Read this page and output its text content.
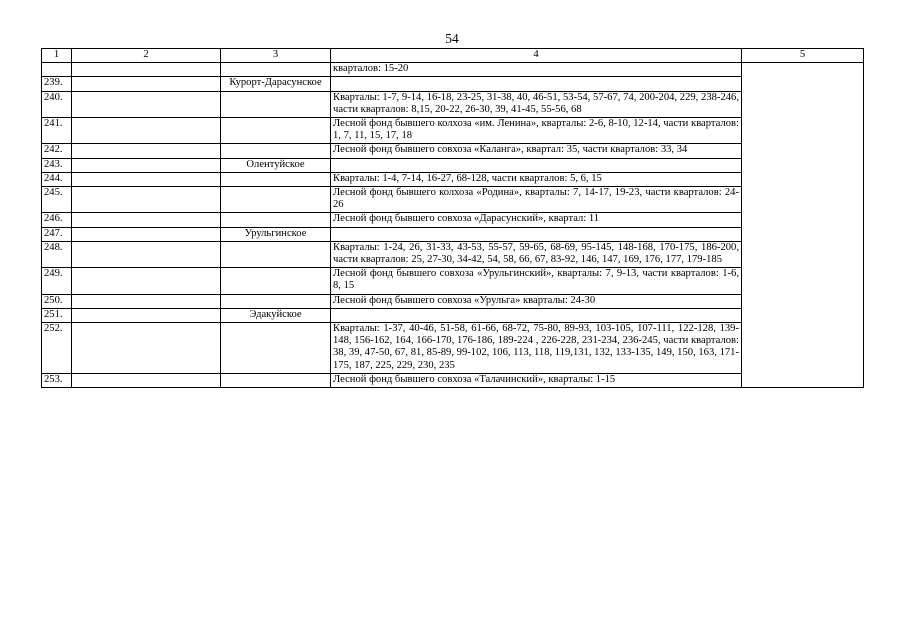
54
1	2	3	4	5
			кварталов: 15-20	
239.		Курорт-Дарасунское		
240.			Кварталы: 1-7, 9-14, 16-18, 23-25, 31-38, 40, 46-51, 53-54, 57-67, 74, 200-204, 229, 238-246, части кварталов: 8,15, 20-22, 26-30, 39, 41-45, 55-56, 68	
241.			Лесной фонд бывшего колхоза «им. Ленина», кварталы: 2-6, 8-10, 12-14, части кварталов: 1, 7, 11, 15, 17, 18	
242.			Лесной фонд бывшего совхоза «Каланга», квартал: 35, части кварталов: 33, 34	
243.		Олентуйское		
244.			Кварталы: 1-4, 7-14, 16-27, 68-128, части кварталов: 5, 6, 15	
245.			Лесной фонд бывшего колхоза «Родина», кварталы: 7, 14-17, 19-23, части кварталов: 24-26	
246.			Лесной фонд бывшего совхоза «Дарасунский», квартал: 11	
247.		Урульгинское		
248.			Кварталы: 1-24, 26, 31-33, 43-53, 55-57, 59-65, 68-69, 95-145, 148-168, 170-175, 186-200, части кварталов: 25, 27-30, 34-42, 54, 58, 66, 67, 83-92, 146, 147, 169, 176, 177, 179-185	
249.			Лесной фонд бывшего совхоза «Урульгинский», кварталы: 7, 9-13, части кварталов: 1-6, 8, 15	
250.			Лесной фонд бывшего совхоза «Урульга» кварталы: 24-30	
251.		Эдакуйское		
252.			Кварталы: 1-37, 40-46, 51-58, 61-66, 68-72, 75-80, 89-93, 103-105, 107-111, 122-128, 139-148, 156-162, 164, 166-170, 176-186, 189-224 , 226-228, 231-234, 236-245, части кварталов: 38, 39, 47-50, 67, 81, 85-89, 99-102, 106, 113, 118, 119,131, 132, 133-135, 149, 150, 163, 171-175, 187, 225, 229, 230, 235	
253.			Лесной фонд бывшего совхоза «Талачинский», кварталы: 1-15	
